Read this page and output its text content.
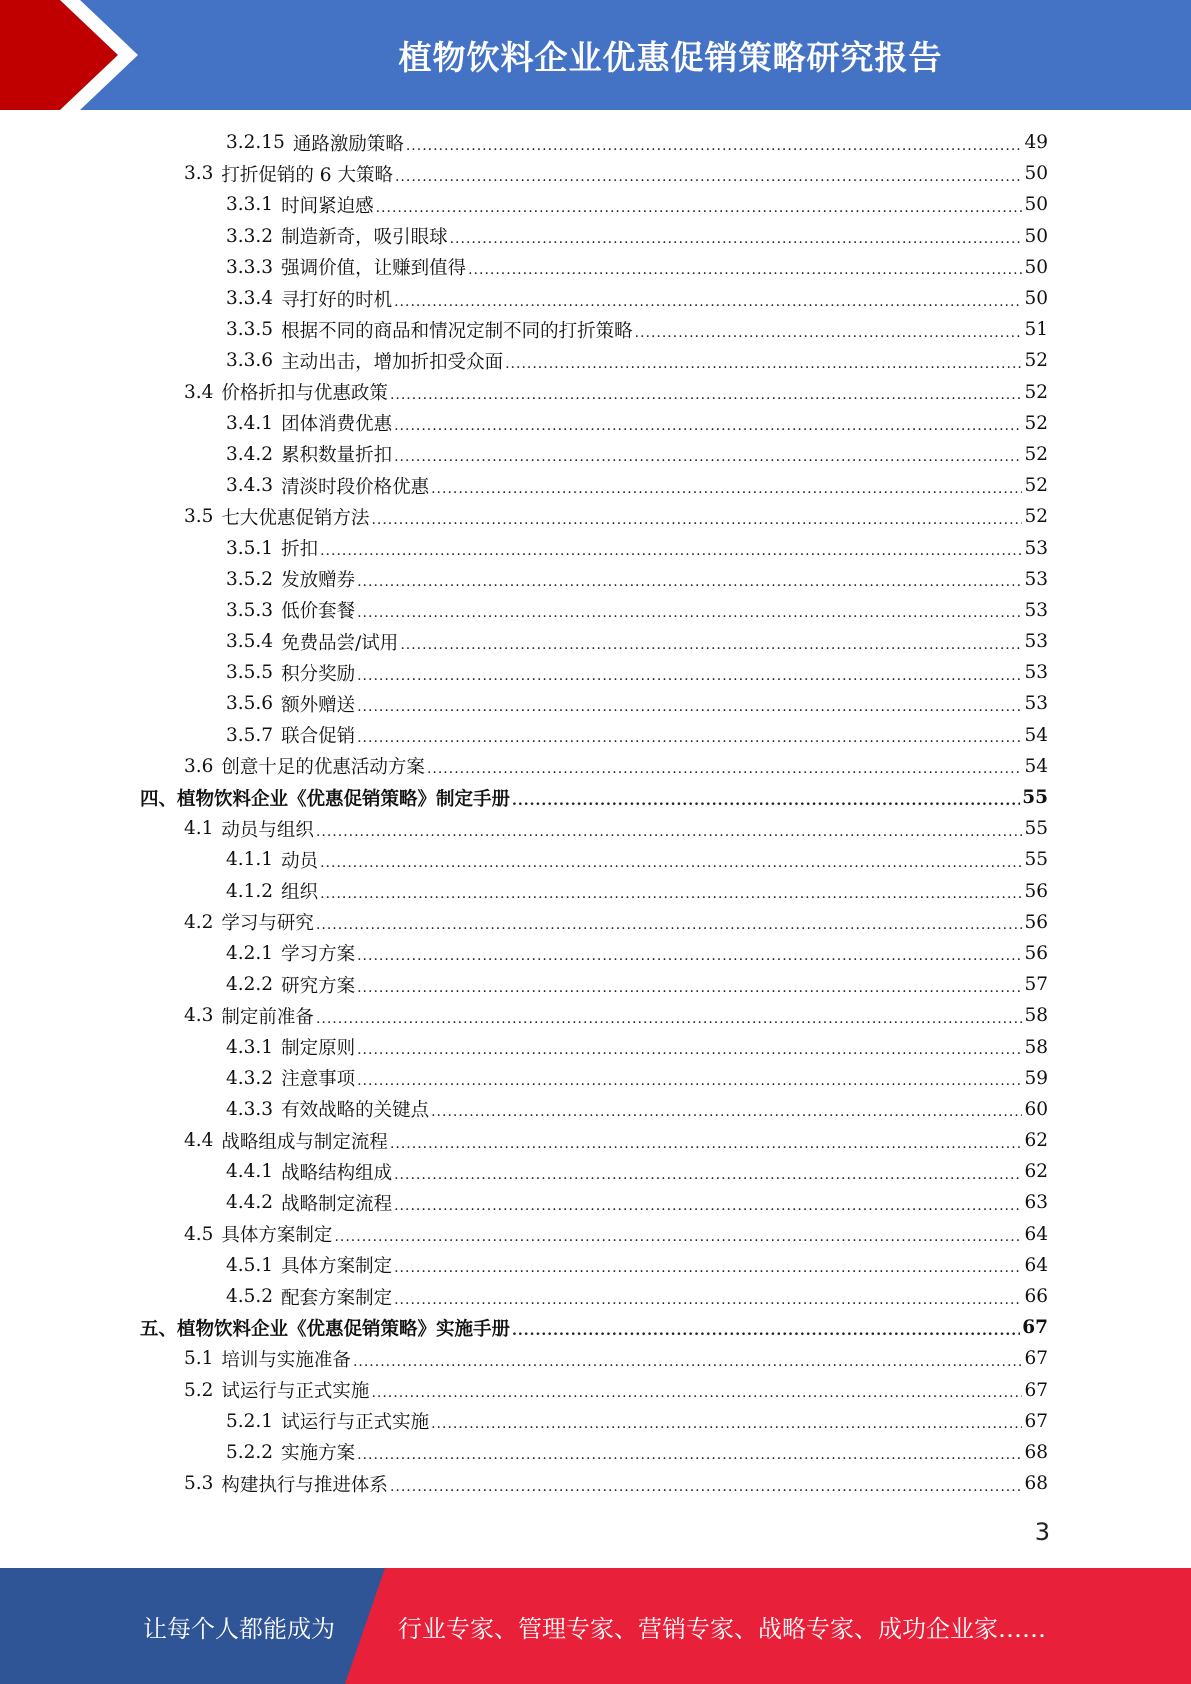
植物饮料企业优惠促销策略研究报告
3.2.15 通路激励策略 .....	49
3.3 打折促销的 6 大策略 .....	50
3.3.1 时间紧迫感 .....	50
3.3.2 制造新奇，吸引眼球 .....	50
3.3.3 强调价值，让赚到值得 .....	50
3.3.4 寻打好的时机 .....	50
3.3.5 根据不同的商品和情况定制不同的打折策略 .....	51
3.3.6 主动出击，增加折扣受众面 .....	52
3.4 价格折扣与优惠政策 .....	52
3.4.1 团体消费优惠 .....	52
3.4.2 累积数量折扣 .....	52
3.4.3 清淡时段价格优惠 .....	52
3.5 七大优惠促销方法 .....	52
3.5.1 折扣 .....	53
3.5.2 发放赠券 .....	53
3.5.3 低价套餐 .....	53
3.5.4 免费品尝/试用 .....	53
3.5.5 积分奖励 .....	53
3.5.6 额外赠送 .....	53
3.5.7 联合促销 .....	54
3.6 创意十足的优惠活动方案 .....	54
四、植物饮料企业《优惠促销策略》制定手册 .....	55
4.1 动员与组织 .....	55
4.1.1 动员 .....	55
4.1.2 组织 .....	56
4.2 学习与研究 .....	56
4.2.1 学习方案 .....	56
4.2.2 研究方案 .....	57
4.3 制定前准备 .....	58
4.3.1 制定原则 .....	58
4.3.2 注意事项 .....	59
4.3.3 有效战略的关键点 .....	60
4.4 战略组成与制定流程 .....	62
4.4.1 战略结构组成 .....	62
4.4.2 战略制定流程 .....	63
4.5 具体方案制定 .....	64
4.5.1 具体方案制定 .....	64
4.5.2 配套方案制定 .....	66
五、植物饮料企业《优惠促销策略》实施手册 .....	67
5.1 培训与实施准备 .....	67
5.2 试运行与正式实施 .....	67
5.2.1 试运行与正式实施 .....	67
5.2.2 实施方案 .....	68
5.3 构建执行与推进体系 .....	68
3
让每个人都能成为	行业专家、管理专家、营销专家、战略专家、成功企业家……
